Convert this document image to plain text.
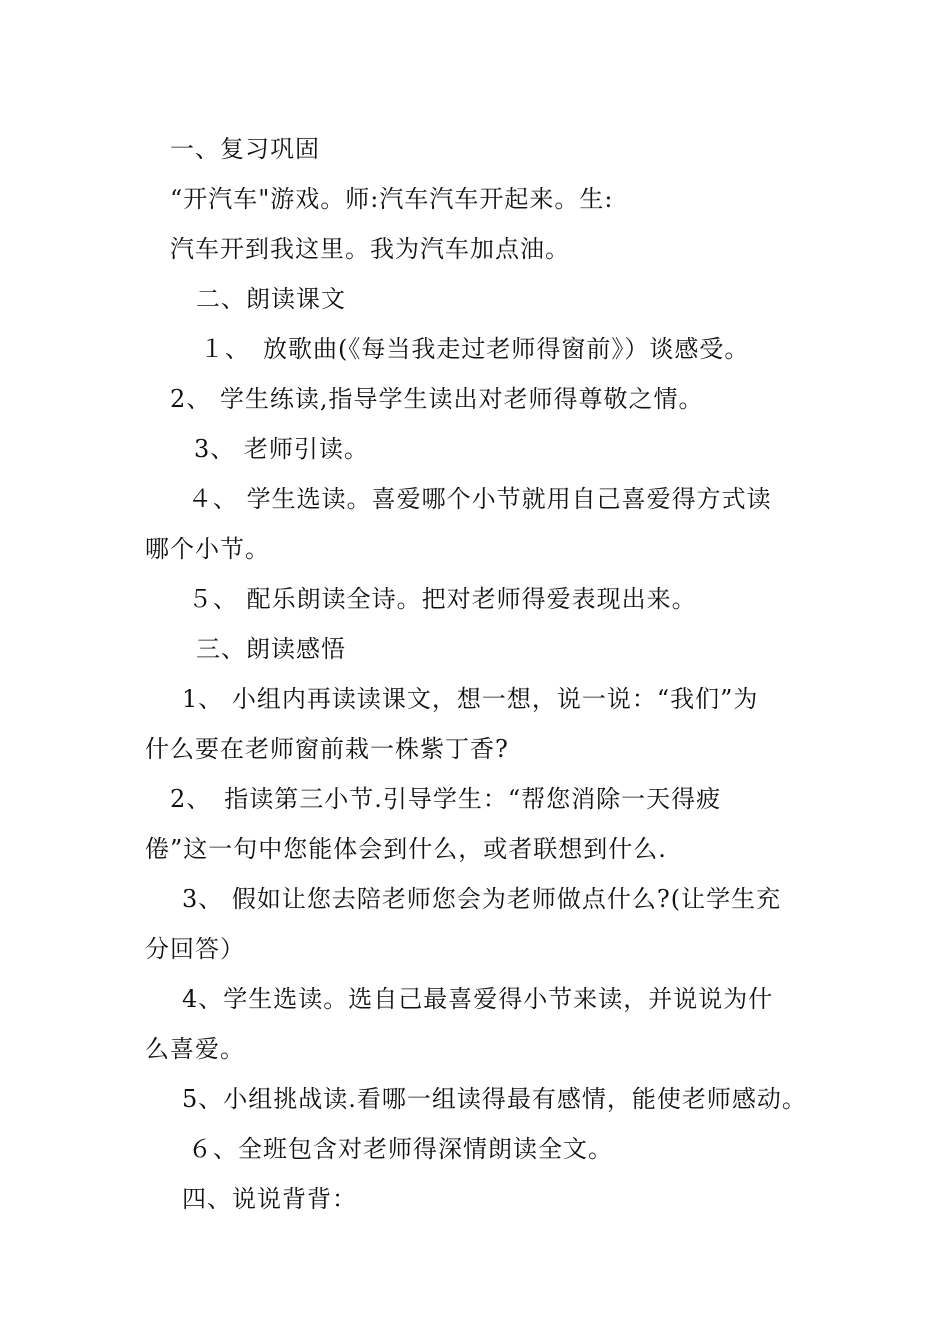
一、复习巩固
“开汽车"游戏。师:汽车汽车开起来。生:
汽车开到我这里。我为汽车加点油。
二、朗读课文
１、　放歌曲(《每当我走过老师得窗前》）谈感受。
2、 学生练读,指导学生读出对老师得尊敬之情。
3、 老师引读。
４、 学生选读。喜爱哪个小节就用自己喜爱得方式读
哪个小节。
５、 配乐朗读全诗。把对老师得爱表现出来。
三、朗读感悟
1、 小组内再读读课文，想一想，说一说：“我们”为
什么要在老师窗前栽一株紫丁香?
2、　指读第三小节.引导学生：“帮您消除一天得疲
倦”这一句中您能体会到什么，或者联想到什么.
3、 假如让您去陪老师您会为老师做点什么?(让学生充
分回答）
4、学生选读。选自己最喜爱得小节来读，并说说为什
么喜爱。
5、小组挑战读.看哪一组读得最有感情，能使老师感动。
６、全班包含对老师得深情朗读全文。
四、说说背背：
